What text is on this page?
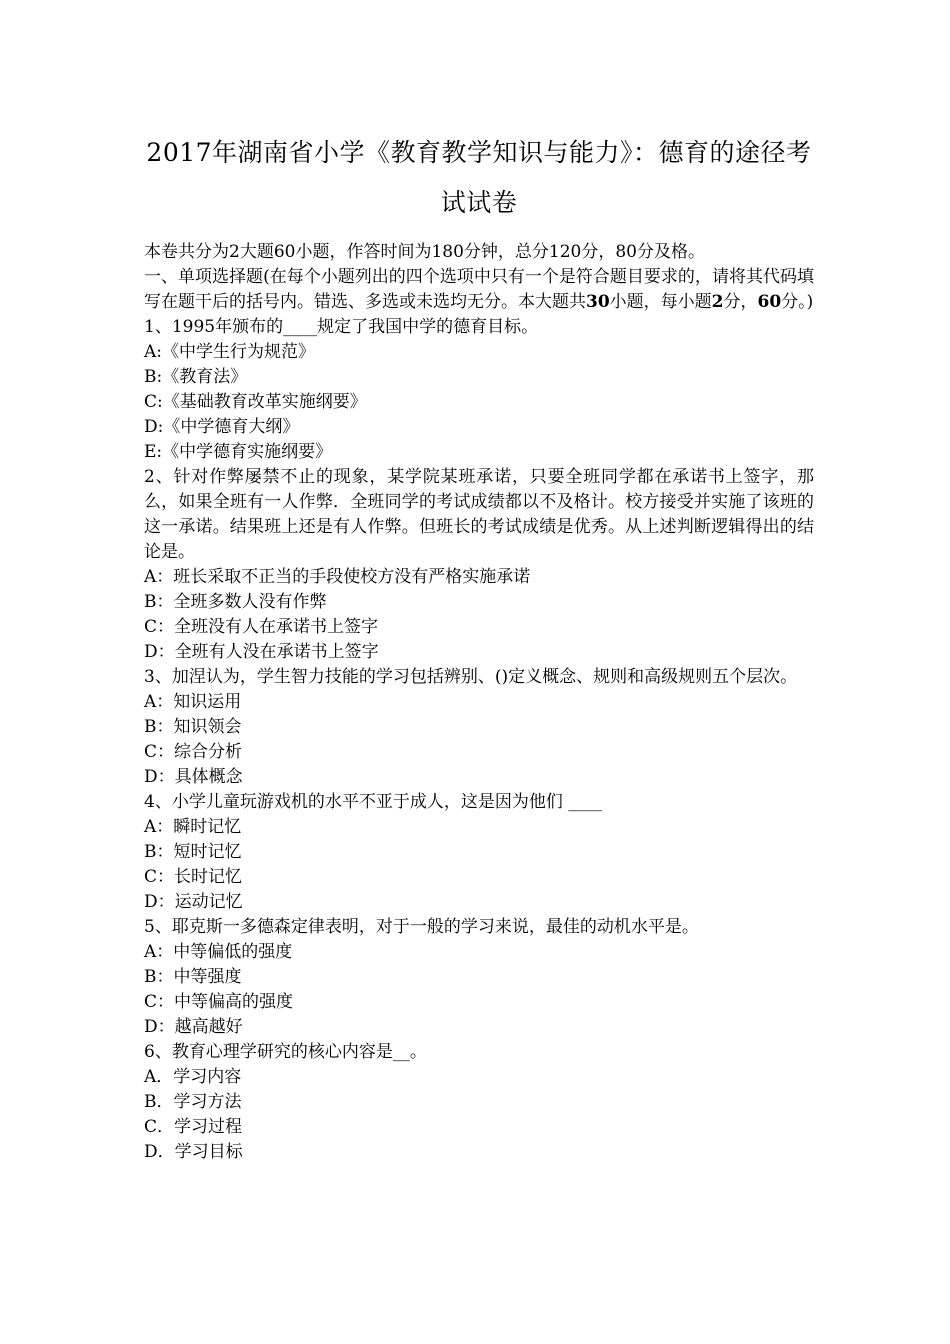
2017年湖南省小学《教育教学知识与能力》：德育的途径考
试试卷

本卷共分为2大题60小题，作答时间为180分钟，总分120分，80分及格。

一、单项选择题(在每个小题列出的四个选项中只有一个是符合题目要求的，请将其代码填写在题干后的括号内。错选、多选或未选均无分。本大题共30小题，每小题2分，60分。)

1、1995年颁布的____规定了我国中学的德育目标。

A:《中学生行为规范》

B:《教育法》

C:《基础教育改革实施纲要》

D:《中学德育大纲》

E:《中学德育实施纲要》

2、针对作弊屡禁不止的现象，某学院某班承诺，只要全班同学都在承诺书上签字，那么，如果全班有一人作弊．全班同学的考试成绩都以不及格计。校方接受并实施了该班的这一承诺。结果班上还是有人作弊。但班长的考试成绩是优秀。从上述判断逻辑得出的结论是。

A：班长采取不正当的手段使校方没有严格实施承诺

B：全班多数人没有作弊

C：全班没有人在承诺书上签字

D：全班有人没在承诺书上签字

3、加涅认为，学生智力技能的学习包括辨别、()定义概念、规则和高级规则五个层次。

A：知识运用

B：知识领会

C：综合分析

D：具体概念

4、小学儿童玩游戏机的水平不亚于成人，这是因为他们 ____

A：瞬时记忆

B：短时记忆

C：长时记忆

D：运动记忆

5、耶克斯一多德森定律表明，对于一般的学习来说，最佳的动机水平是。

A：中等偏低的强度

B：中等强度

C：中等偏高的强度

D：越高越好

6、教育心理学研究的核心内容是__。

A．学习内容

B．学习方法

C．学习过程

D．学习目标
